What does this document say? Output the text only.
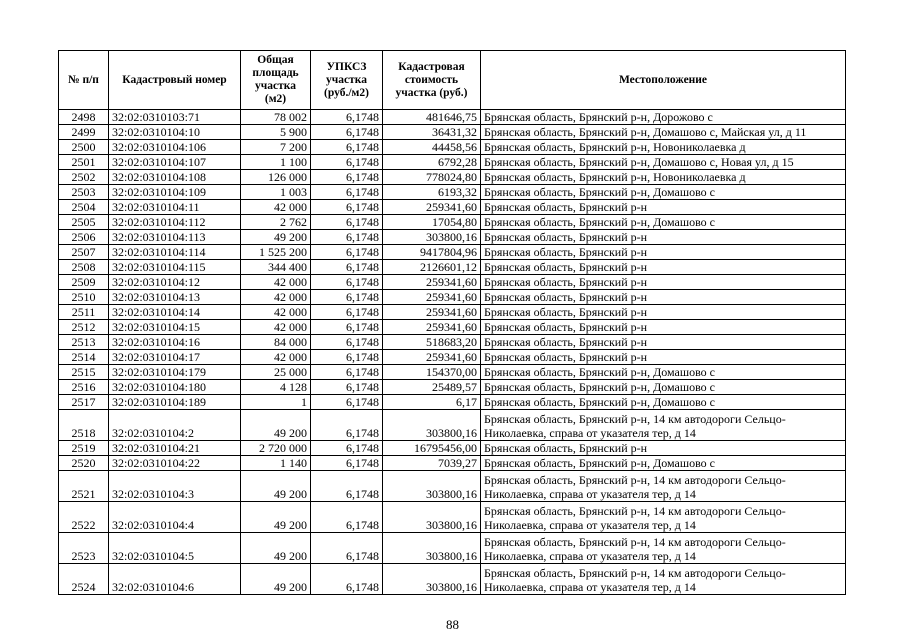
№ п/п	Кадастровый номер	Общая площадь участка (м2)	УПКСЗ участка (руб./м2)	Кадастровая стоимость участка (руб.)	Местоположение
2498	32:02:0310103:71	78 002	6,1748	481646,75	Брянская область, Брянский р-н, Дорожово с
2499	32:02:0310104:10	5 900	6,1748	36431,32	Брянская область, Брянский р-н, Домашово с, Майская ул, д 11
2500	32:02:0310104:106	7 200	6,1748	44458,56	Брянская область, Брянский р-н, Новониколаевка д
2501	32:02:0310104:107	1 100	6,1748	6792,28	Брянская область, Брянский р-н, Домашово с, Новая ул, д 15
2502	32:02:0310104:108	126 000	6,1748	778024,80	Брянская область, Брянский р-н, Новониколаевка д
2503	32:02:0310104:109	1 003	6,1748	6193,32	Брянская область, Брянский р-н, Домашово с
2504	32:02:0310104:11	42 000	6,1748	259341,60	Брянская область, Брянский р-н
2505	32:02:0310104:112	2 762	6,1748	17054,80	Брянская область, Брянский р-н, Домашово с
2506	32:02:0310104:113	49 200	6,1748	303800,16	Брянская область, Брянский р-н
2507	32:02:0310104:114	1 525 200	6,1748	9417804,96	Брянская область, Брянский р-н
2508	32:02:0310104:115	344 400	6,1748	2126601,12	Брянская область, Брянский р-н
2509	32:02:0310104:12	42 000	6,1748	259341,60	Брянская область, Брянский р-н
2510	32:02:0310104:13	42 000	6,1748	259341,60	Брянская область, Брянский р-н
2511	32:02:0310104:14	42 000	6,1748	259341,60	Брянская область, Брянский р-н
2512	32:02:0310104:15	42 000	6,1748	259341,60	Брянская область, Брянский р-н
2513	32:02:0310104:16	84 000	6,1748	518683,20	Брянская область, Брянский р-н
2514	32:02:0310104:17	42 000	6,1748	259341,60	Брянская область, Брянский р-н
2515	32:02:0310104:179	25 000	6,1748	154370,00	Брянская область, Брянский р-н, Домашово с
2516	32:02:0310104:180	4 128	6,1748	25489,57	Брянская область, Брянский р-н, Домашово с
2517	32:02:0310104:189	1	6,1748	6,17	Брянская область, Брянский р-н, Домашово с
2518	32:02:0310104:2	49 200	6,1748	303800,16	Брянская область, Брянский р-н, 14 км автодороги Сельцо-Николаевка, справа от указателя тер, д 14
2519	32:02:0310104:21	2 720 000	6,1748	16795456,00	Брянская область, Брянский р-н
2520	32:02:0310104:22	1 140	6,1748	7039,27	Брянская область, Брянский р-н, Домашово с
2521	32:02:0310104:3	49 200	6,1748	303800,16	Брянская область, Брянский р-н, 14 км автодороги Сельцо-Николаевка, справа от указателя тер, д 14
2522	32:02:0310104:4	49 200	6,1748	303800,16	Брянская область, Брянский р-н, 14 км автодороги Сельцо-Николаевка, справа от указателя тер, д 14
2523	32:02:0310104:5	49 200	6,1748	303800,16	Брянская область, Брянский р-н, 14 км автодороги Сельцо-Николаевка, справа от указателя тер, д 14
2524	32:02:0310104:6	49 200	6,1748	303800,16	Брянская область, Брянский р-н, 14 км автодороги Сельцо-Николаевка, справа от указателя тер, д 14
88
